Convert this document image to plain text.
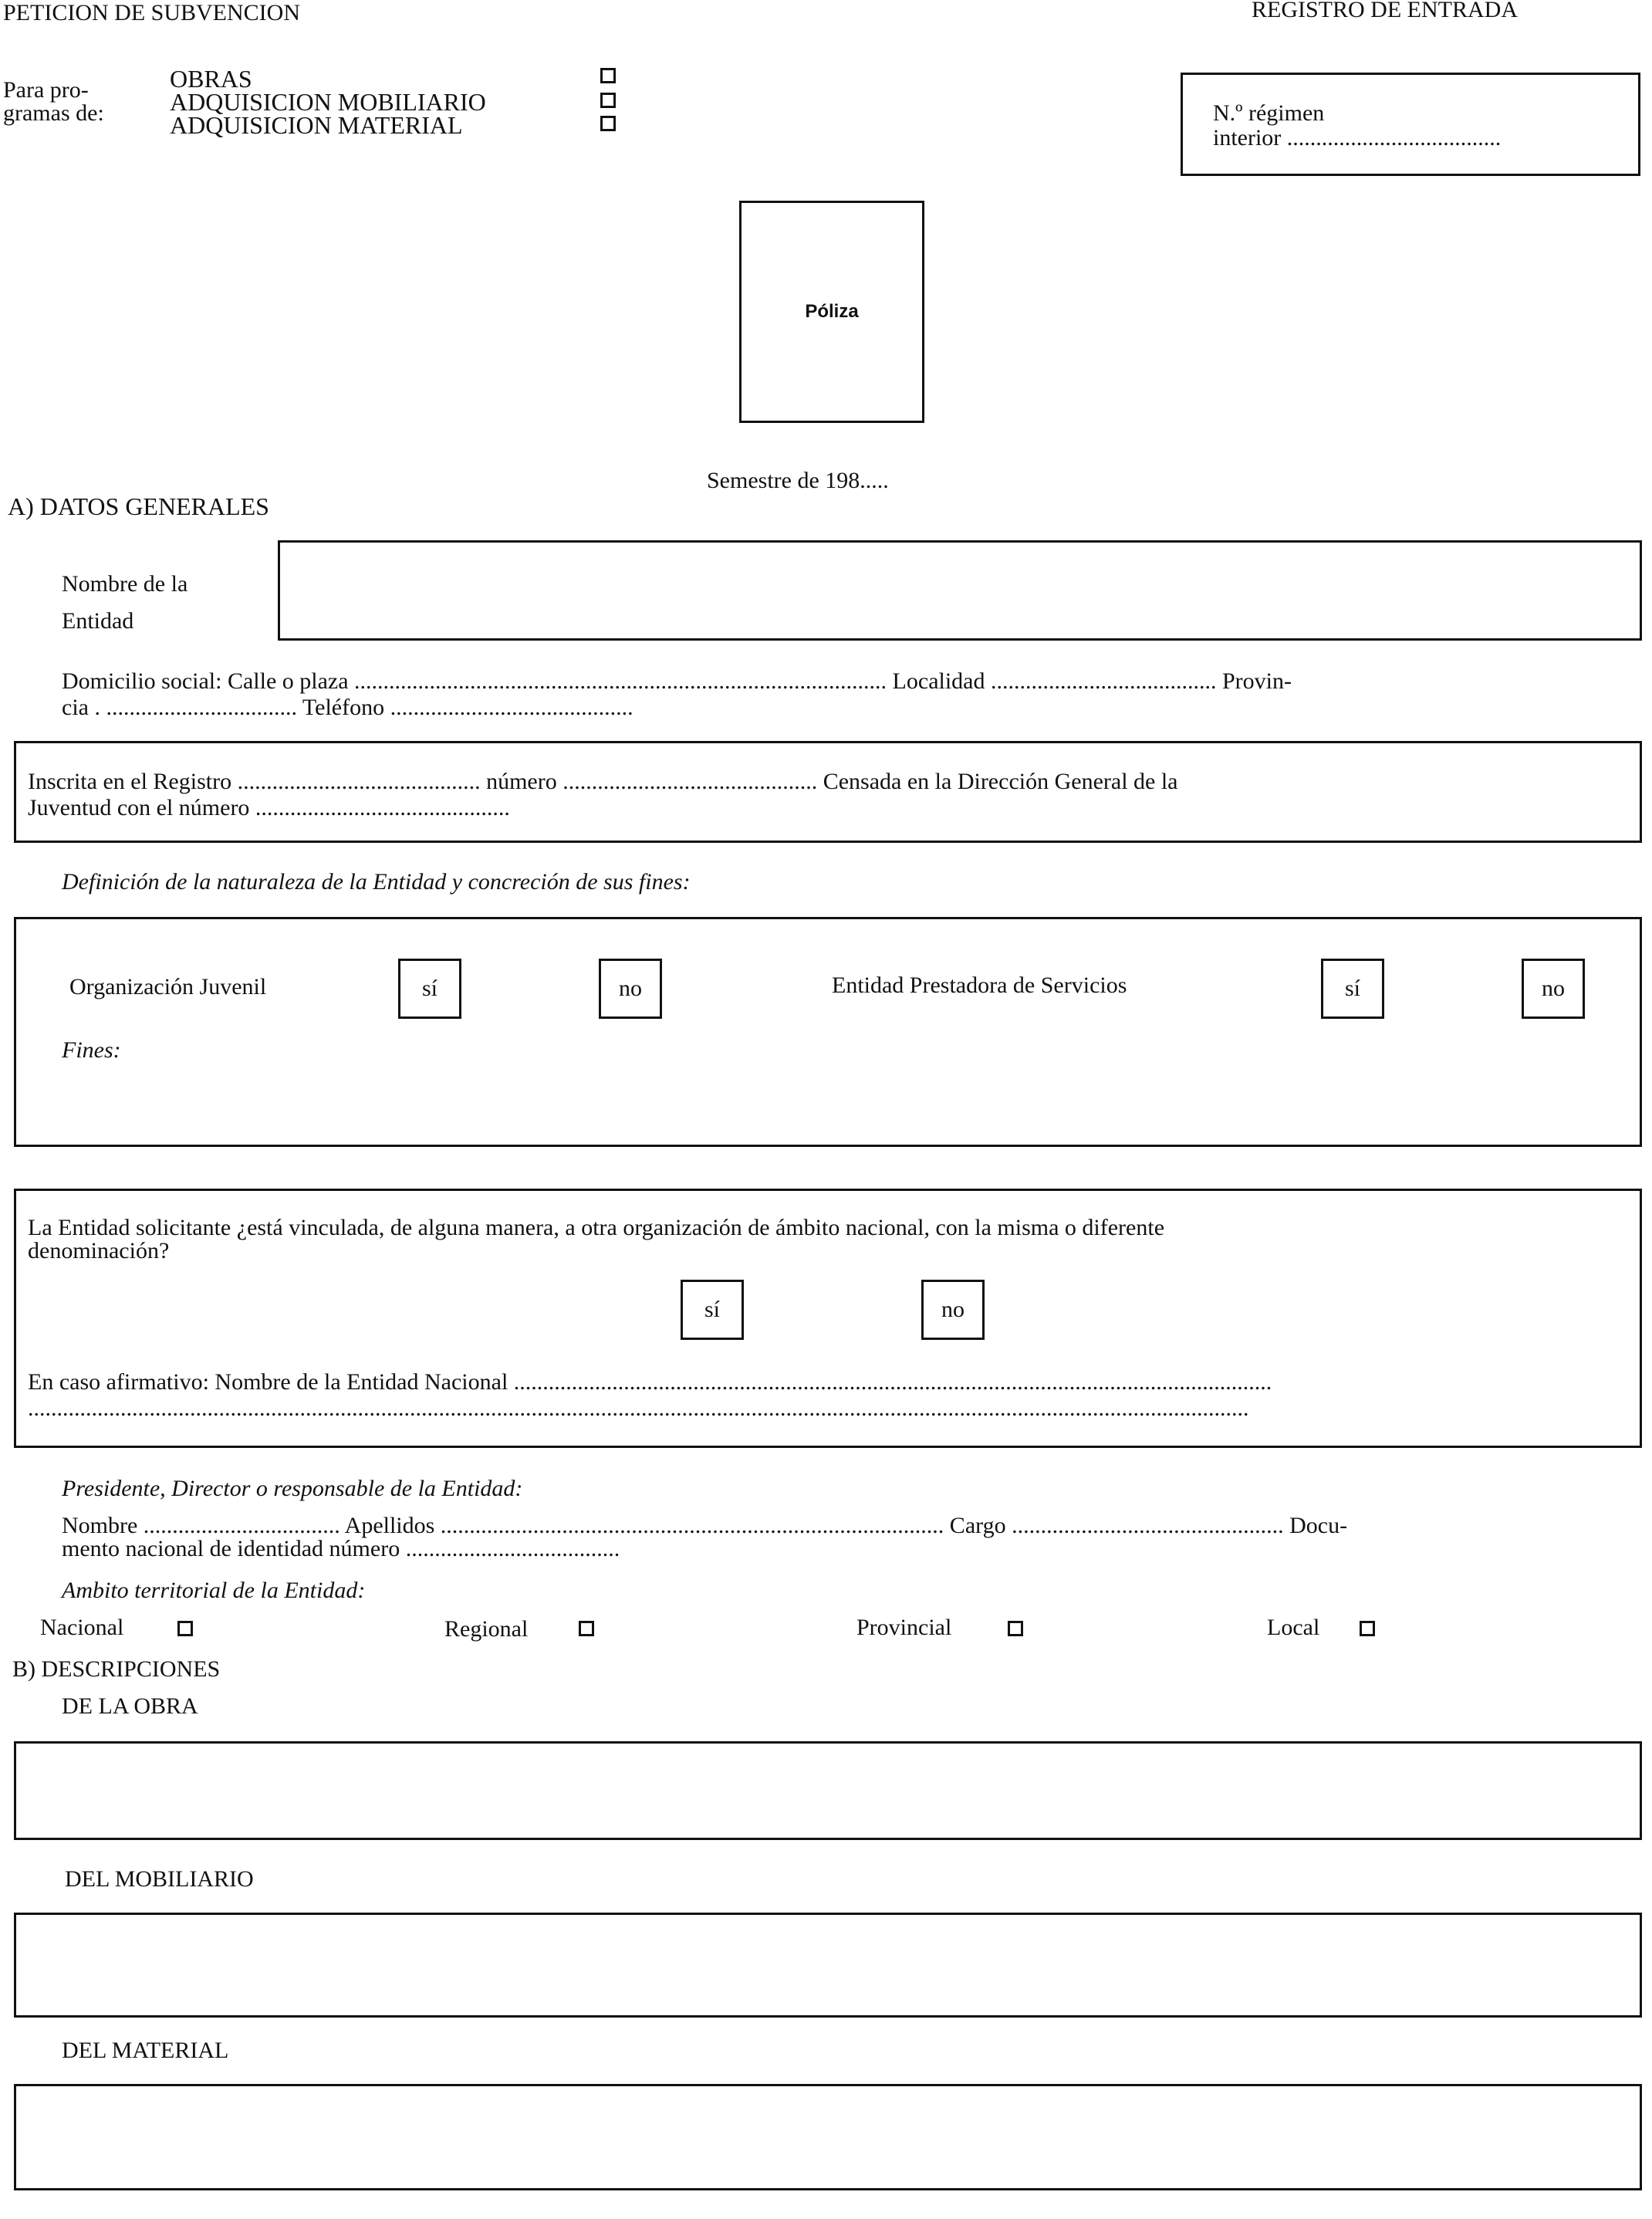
PETICION DE SUBVENCION	REGISTRO DE ENTRADA
Para pro-
gramas de:
OBRAS
ADQUISICION MOBILIARIO
ADQUISICION MATERIAL	N.º régimen
interior .....................................
Póliza
Semestre de 198.....
A) DATOS GENERALES
Nombre de la
Entidad
Domicilio social: Calle o plaza ............................................................................................ Localidad ....................................... Provin-
cia . ................................. Teléfono ..........................................
Inscrita en el Registro .......................................... número ............................................ Censada en la Dirección General de la
Juventud con el número ............................................
Definición de la naturaleza de la Entidad y concreción de sus fines:
Organización Juvenil	sí	no	Entidad Prestadora de Servicios	sí	no
Fines:
La Entidad solicitante ¿está vinculada, de alguna manera, a otra organización de ámbito nacional, con la misma o diferente
denominación?
sí	no
En caso afirmativo: Nombre de la Entidad Nacional ...................................................................................................................................
...................................................................................................................................................................................................................
Presidente, Director o responsable de la Entidad:
Nombre .................................. Apellidos ....................................................................................... Cargo ............................................... Docu-
mento nacional de identidad número .....................................
Ambito territorial de la Entidad:
Nacional	Regional	Provincial	Local
B) DESCRIPCIONES
DE LA OBRA
DEL MOBILIARIO
DEL MATERIAL
